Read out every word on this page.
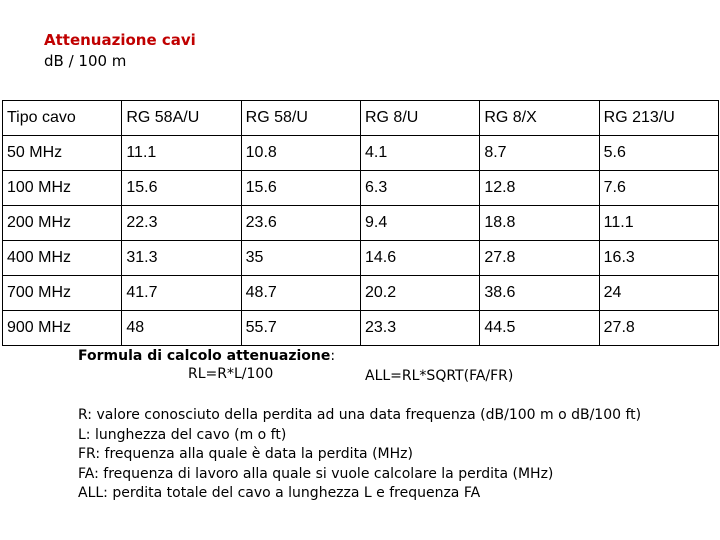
Attenuazione cavi
dB / 100 m
Tipo cavo	RG 58A/U	RG 58/U	RG 8/U	RG 8/X	RG 213/U
50 MHz	11.1	10.8	4.1	8.7	5.6
100 MHz	15.6	15.6	6.3	12.8	7.6
200 MHz	22.3	23.6	9.4	18.8	11.1
400 MHz	31.3	35	14.6	27.8	16.3
700 MHz	41.7	48.7	20.2	38.6	24
900 MHz	48	55.7	23.3	44.5	27.8
Formula di calcolo attenuazione:
RL=R*L/100	ALL=RL*SQRT(FA/FR)
R: valore conosciuto della perdita ad una data frequenza (dB/100 m o dB/100 ft)
L: lunghezza del cavo (m o ft)
FR: frequenza alla quale è data la perdita (MHz)
FA: frequenza di lavoro alla quale si vuole calcolare la perdita (MHz)
ALL: perdita totale del cavo a lunghezza L e frequenza FA
